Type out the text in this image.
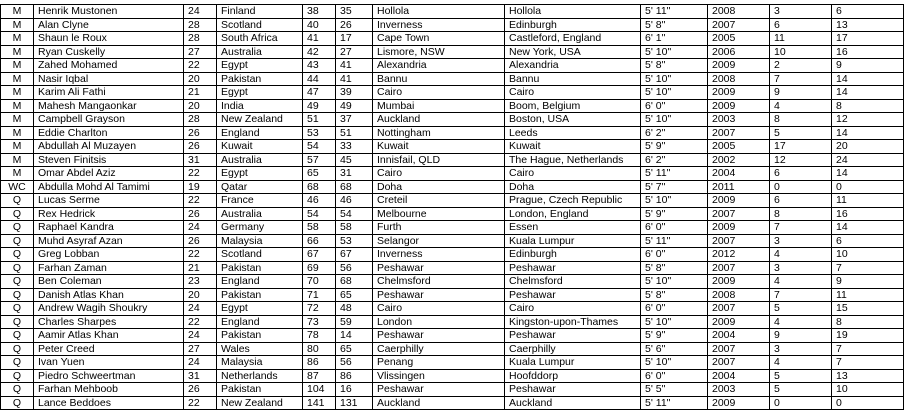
M	Henrik Mustonen	24	Finland	38	35	Hollola	Hollola	5' 11"	2008	3	6
M	Alan Clyne	28	Scotland	40	26	Inverness	Edinburgh	5' 8"	2007	6	13
M	Shaun le Roux	28	South Africa	41	17	Cape Town	Castleford, England	6' 1"	2005	11	17
M	Ryan Cuskelly	27	Australia	42	27	Lismore, NSW	New York, USA	5' 10"	2006	10	16
M	Zahed Mohamed	22	Egypt	43	41	Alexandria	Alexandria	5' 8"	2009	2	9
M	Nasir Iqbal	20	Pakistan	44	41	Bannu	Bannu	5' 10"	2008	7	14
M	Karim Ali Fathi	21	Egypt	47	39	Cairo	Cairo	5' 10"	2009	9	14
M	Mahesh Mangaonkar	20	India	49	49	Mumbai	Boom, Belgium	6' 0"	2009	4	8
M	Campbell Grayson	28	New Zealand	51	37	Auckland	Boston, USA	5' 10"	2003	8	12
M	Eddie Charlton	26	England	53	51	Nottingham	Leeds	6' 2"	2007	5	14
M	Abdullah Al Muzayen	26	Kuwait	54	33	Kuwait	Kuwait	5' 9"	2005	17	20
M	Steven Finitsis	31	Australia	57	45	Innisfail, QLD	The Hague, Netherlands	6' 2"	2002	12	24
M	Omar Abdel Aziz	22	Egypt	65	31	Cairo	Cairo	5' 11"	2004	6	14
WC	Abdulla Mohd Al Tamimi	19	Qatar	68	68	Doha	Doha	5' 7"	2011	0	0
Q	Lucas Serme	22	France	46	46	Creteil	Prague, Czech Republic	5' 10"	2009	6	11
Q	Rex Hedrick	26	Australia	54	54	Melbourne	London, England	5' 9"	2007	8	16
Q	Raphael Kandra	24	Germany	58	58	Furth	Essen	6' 0"	2009	7	14
Q	Muhd Asyraf Azan	26	Malaysia	66	53	Selangor	Kuala Lumpur	5' 11"	2007	3	6
Q	Greg Lobban	22	Scotland	67	67	Inverness	Edinburgh	6' 0"	2012	4	10
Q	Farhan Zaman	21	Pakistan	69	56	Peshawar	Peshawar	5' 8"	2007	3	7
Q	Ben Coleman	23	England	70	68	Chelmsford	Chelmsford	5' 10"	2009	4	9
Q	Danish Atlas Khan	20	Pakistan	71	65	Peshawar	Peshawar	5' 8"	2008	7	11
Q	Andrew Wagih Shoukry	24	Egypt	72	48	Cairo	Cairo	6' 0"	2007	5	15
Q	Charles Sharpes	22	England	73	59	London	Kingston-upon-Thames	5' 10"	2009	4	8
Q	Aamir Atlas Khan	24	Pakistan	78	14	Peshawar	Peshawar	5' 9"	2004	9	19
Q	Peter Creed	27	Wales	80	65	Caerphilly	Caerphilly	5' 6"	2007	3	7
Q	Ivan Yuen	24	Malaysia	86	56	Penang	Kuala Lumpur	5' 10"	2007	4	7
Q	Piedro Schweertman	31	Netherlands	87	86	Vlissingen	Hoofddorp	6' 0"	2004	5	13
Q	Farhan Mehboob	26	Pakistan	104	16	Peshawar	Peshawar	5' 5"	2003	5	10
Q	Lance Beddoes	22	New Zealand	141	131	Auckland	Auckland	5' 11"	2009	0	0
